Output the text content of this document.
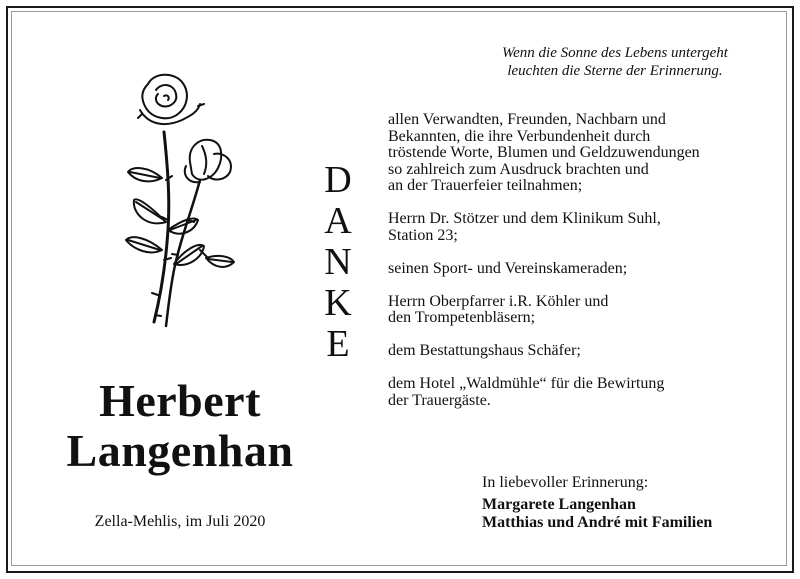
Wenn die Sonne des Lebens untergeht
leuchten die Sterne der Erinnerung.
D
A
N
K
E
Herbert
Langenhan
Zella-Mehlis, im Juli 2020

allen Verwandten, Freunden, Nachbarn und
Bekannten, die ihre Verbundenheit durch
tröstende Worte, Blumen und Geldzuwendungen
so zahlreich zum Ausdruck brachten und
an der Trauerfeier teilnahmen;

Herrn Dr. Stötzer und dem Klinikum Suhl,
Station 23;

seinen Sport- und Vereinskameraden;

Herrn Oberpfarrer i.R. Köhler und
den Trompetenbläsern;

dem Bestattungshaus Schäfer;

dem Hotel „Waldmühle“ für die Bewirtung
der Trauergäste.

In liebevoller Erinnerung:
Margarete Langenhan
Matthias und André mit Familien
